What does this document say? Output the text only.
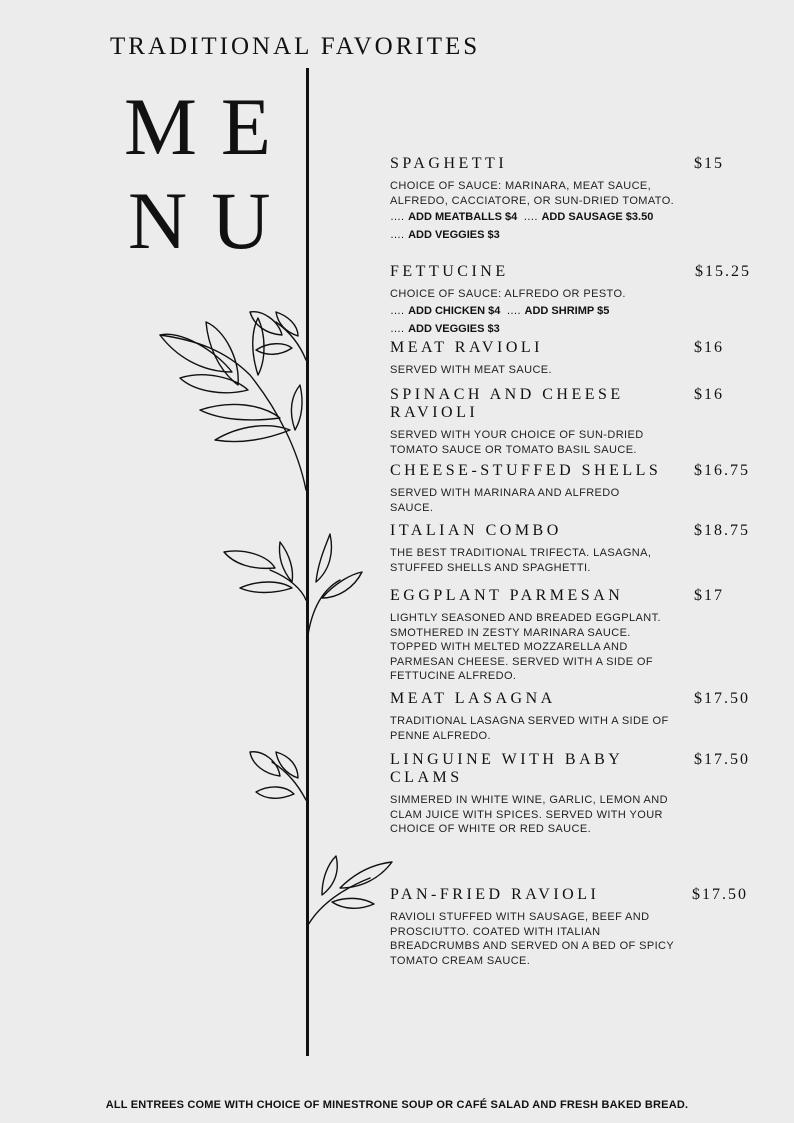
TRADITIONAL FAVORITES
ME
NU
SPAGHETTI	$15
CHOICE OF SAUCE: MARINARA, MEAT SAUCE, ALFREDO, CACCIATORE, OR SUN-DRIED TOMATO.
…. ADD MEATBALLS $4 …. ADD SAUSAGE $3.50
…. ADD VEGGIES $3
FETTUCINE	$15.25
CHOICE OF SAUCE: ALFREDO OR PESTO.
…. ADD CHICKEN $4 …. ADD SHRIMP $5
…. ADD VEGGIES $3
MEAT RAVIOLI	$16
SERVED WITH MEAT SAUCE.
SPINACH AND CHEESE RAVIOLI
$16
SERVED WITH YOUR CHOICE OF SUN-DRIED TOMATO SAUCE OR TOMATO BASIL SAUCE.
CHEESE-STUFFED SHELLS	$16.75
SERVED WITH MARINARA AND ALFREDO SAUCE.
ITALIAN COMBO	$18.75
THE BEST TRADITIONAL TRIFECTA. LASAGNA, STUFFED SHELLS AND SPAGHETTI.
EGGPLANT PARMESAN	$17
LIGHTLY SEASONED AND BREADED EGGPLANT. SMOTHERED IN ZESTY MARINARA SAUCE. TOPPED WITH MELTED MOZZARELLA AND PARMESAN CHEESE. SERVED WITH A SIDE OF FETTUCINE ALFREDO.
MEAT LASAGNA	$17.50
TRADITIONAL LASAGNA SERVED WITH A SIDE OF PENNE ALFREDO.
LINGUINE WITH BABY CLAMS
$17.50
SIMMERED IN WHITE WINE, GARLIC, LEMON AND CLAM JUICE WITH SPICES. SERVED WITH YOUR CHOICE OF WHITE OR RED SAUCE.
PAN-FRIED RAVIOLI	$17.50
RAVIOLI STUFFED WITH SAUSAGE, BEEF AND PROSCIUTTO. COATED WITH ITALIAN BREADCRUMBS AND SERVED ON A BED OF SPICY TOMATO CREAM SAUCE.
ALL ENTREES COME WITH CHOICE OF MINESTRONE SOUP OR CAFÉ SALAD AND FRESH BAKED BREAD.
